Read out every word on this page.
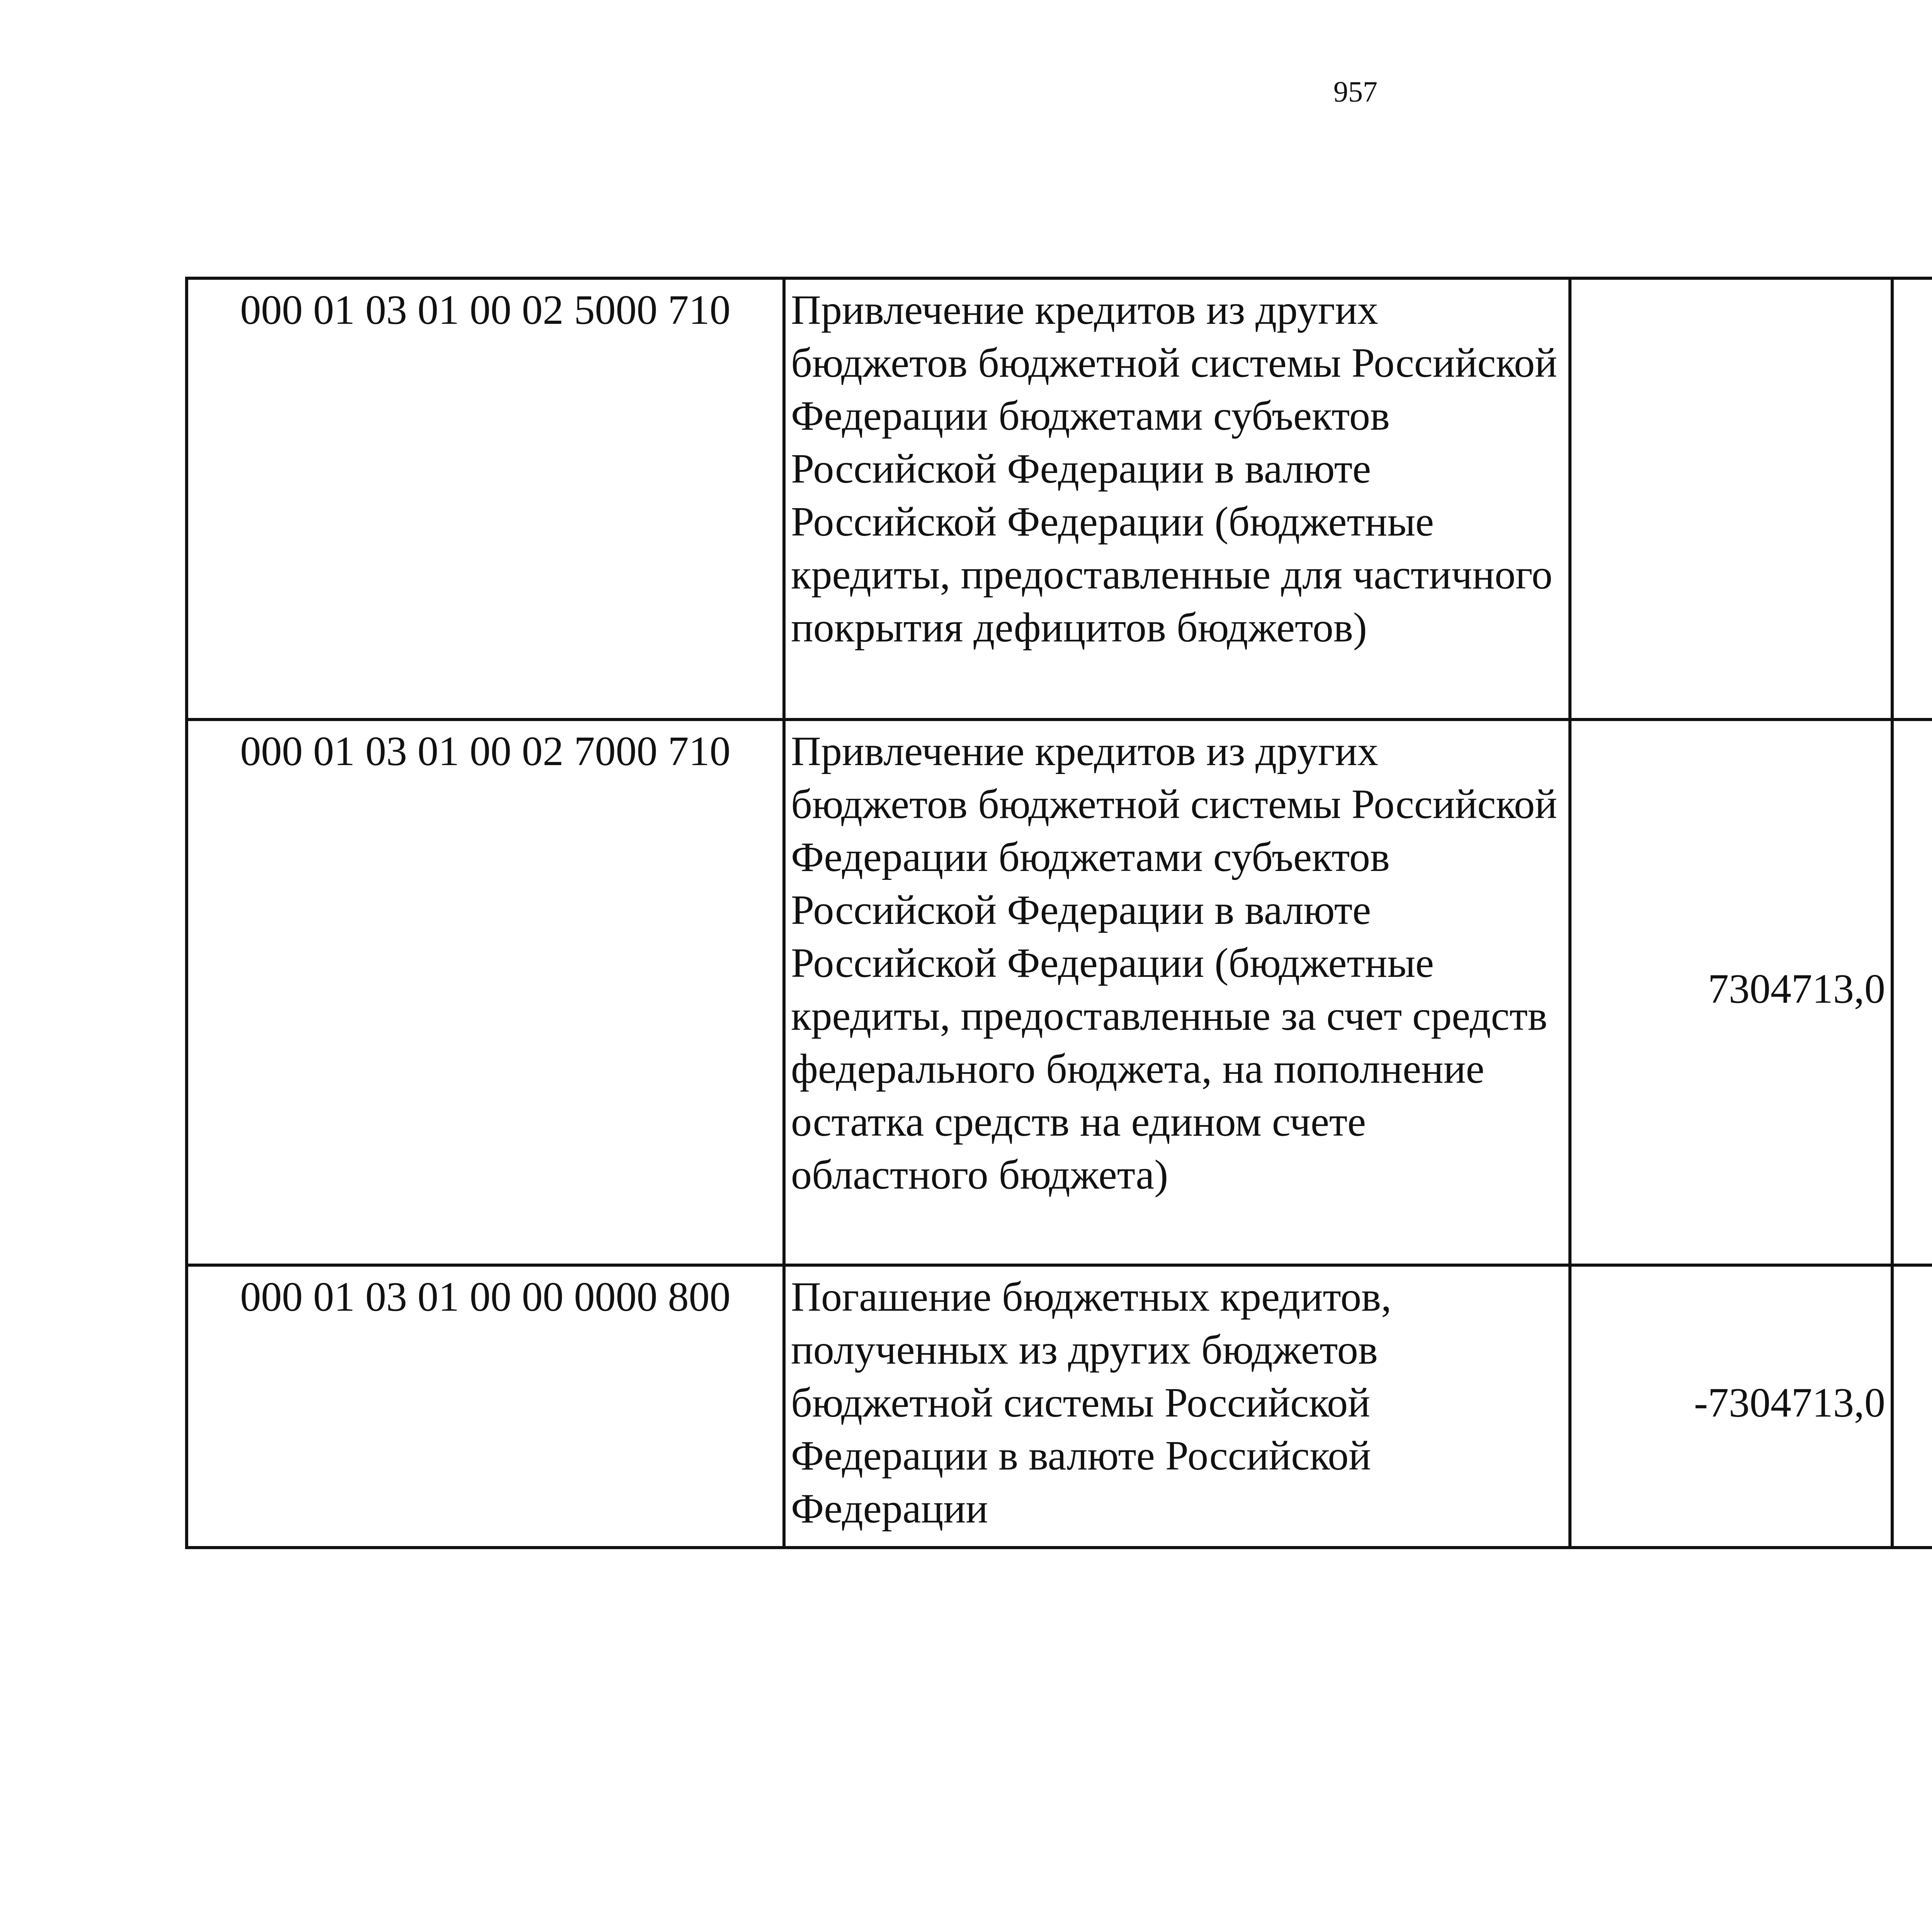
957
000 01 03 01 00 02 5000 710	Привлечение кредитов из других бюджетов бюджетной системы Российской Федерации бюджетами субъектов Российской Федерации в валюте Российской Федерации (бюджетные кредиты, предоставленные для частичного покрытия дефицитов бюджетов)			
000 01 03 01 00 02 7000 710	Привлечение кредитов из других бюджетов бюджетной системы Российской Федерации бюджетами субъектов Российской Федерации в валюте Российской Федерации (бюджетные кредиты, предоставленные за счет средств федерального бюджета, на пополнение остатка средств на едином счете областного бюджета)	7304713,0		
000 01 03 01 00 00 0000 800	Погашение бюджетных кредитов, полученных из других бюджетов бюджетной системы Российской Федерации в валюте Российской Федерации	-7304713,0		
